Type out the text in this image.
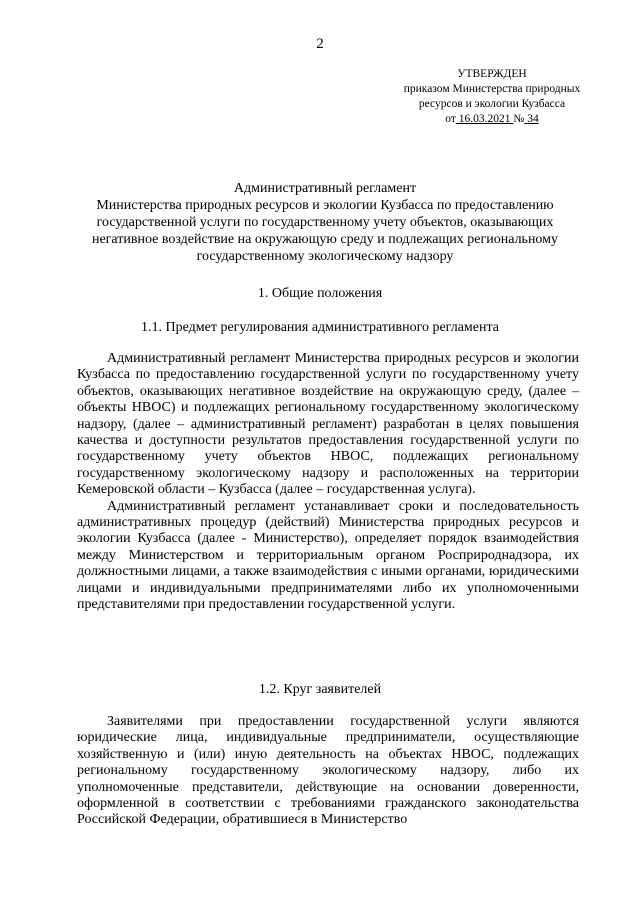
2
УТВЕРЖДЕН
приказом Министерства природных
ресурсов и экологии Кузбасса
от 16.03.2021 № 34
Административный регламент
Министерства природных ресурсов и экологии Кузбасса по предоставлению государственной услуги по государственному учету объектов, оказывающих негативное воздействие на окружающую среду и подлежащих региональному государственному экологическому надзору
1. Общие положения
1.1. Предмет регулирования административного регламента

Административный регламент Министерства природных ресурсов и экологии Кузбасса по предоставлению государственной услуги по государственному учету объектов, оказывающих негативное воздействие на окружающую среду, (далее – объекты НВОС) и подлежащих региональному государственному экологическому надзору, (далее – административный регламент) разработан в целях повышения качества и доступности результатов предоставления государственной услуги по государственному учету объектов НВОС, подлежащих региональному государственному экологическому надзору и расположенных на территории Кемеровской области – Кузбасса (далее – государственная услуга).

Административный регламент устанавливает сроки и последовательность административных процедур (действий) Министерства природных ресурсов и экологии Кузбасса (далее - Министерство), определяет порядок взаимодействия между Министерством и территориальным органом Росприроднадзора, их должностными лицами, а также взаимодействия с иными органами, юридическими лицами и индивидуальными предпринимателями либо их уполномоченными представителями при предоставлении государственной услуги.

1.2. Круг заявителей

Заявителями при предоставлении государственной услуги являются юридические лица, индивидуальные предприниматели, осуществляющие хозяйственную и (или) иную деятельность на объектах НВОС, подлежащих региональному государственному экологическому надзору, либо их уполномоченные представители, действующие на основании доверенности, оформленной в соответствии с требованиями гражданского законодательства Российской Федерации, обратившиеся в Министерство
